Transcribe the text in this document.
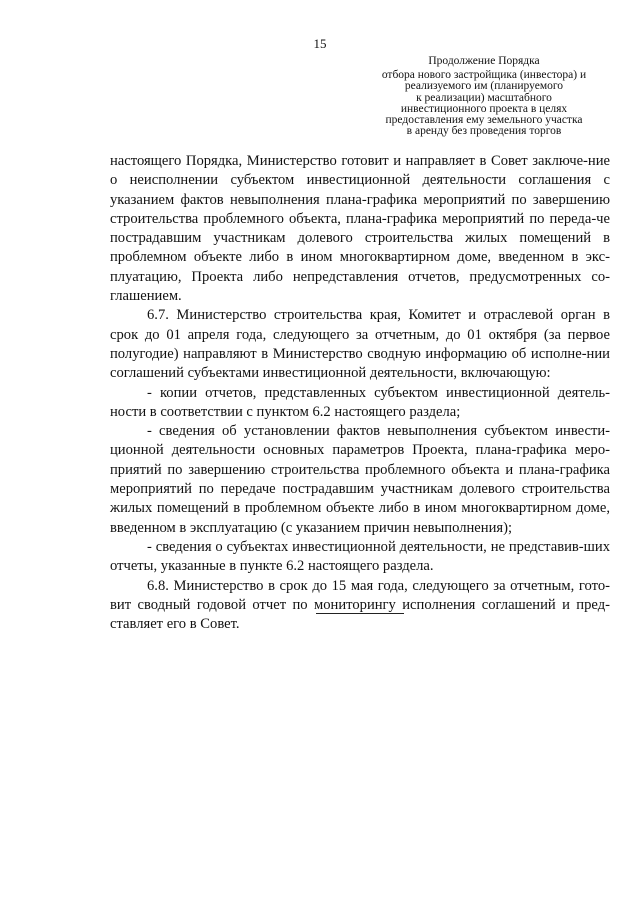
15
Продолжение Порядка
отбора нового застройщика (инвестора) и
реализуемого им (планируемого
к реализации) масштабного
инвестиционного проекта в целях
предоставления ему земельного участка
в аренду без проведения торгов

настоящего Порядка, Министерство готовит и направляет в Совет заключе-ние о неисполнении субъектом инвестиционной деятельности соглашения с указанием фактов невыполнения плана-графика мероприятий по завершению строительства проблемного объекта, плана-графика мероприятий по переда-че пострадавшим участникам долевого строительства жилых помещений в проблемном объекте либо в ином многоквартирном доме, введенном в экс-плуатацию, Проекта либо непредставления отчетов, предусмотренных со-глашением.

6.7. Министерство строительства края, Комитет и отраслевой орган в срок до 01 апреля года, следующего за отчетным, до 01 октября (за первое полугодие) направляют в Министерство сводную информацию об исполне-нии соглашений субъектами инвестиционной деятельности, включающую:

- копии отчетов, представленных субъектом инвестиционной деятель-ности в соответствии с пунктом 6.2 настоящего раздела;

- сведения об установлении фактов невыполнения субъектом инвести-ционной деятельности основных параметров Проекта, плана-графика меро-приятий по завершению строительства проблемного объекта и плана-графика мероприятий по передаче пострадавшим участникам долевого строительства жилых помещений в проблемном объекте либо в ином многоквартирном доме, введенном в эксплуатацию (с указанием причин невыполнения);

- сведения о субъектах инвестиционной деятельности, не представив-ших отчеты, указанные в пункте 6.2 настоящего раздела.

6.8. Министерство в срок до 15 мая года, следующего за отчетным, гото-вит сводный годовой отчет по мониторингу исполнения соглашений и пред-ставляет его в Совет.
